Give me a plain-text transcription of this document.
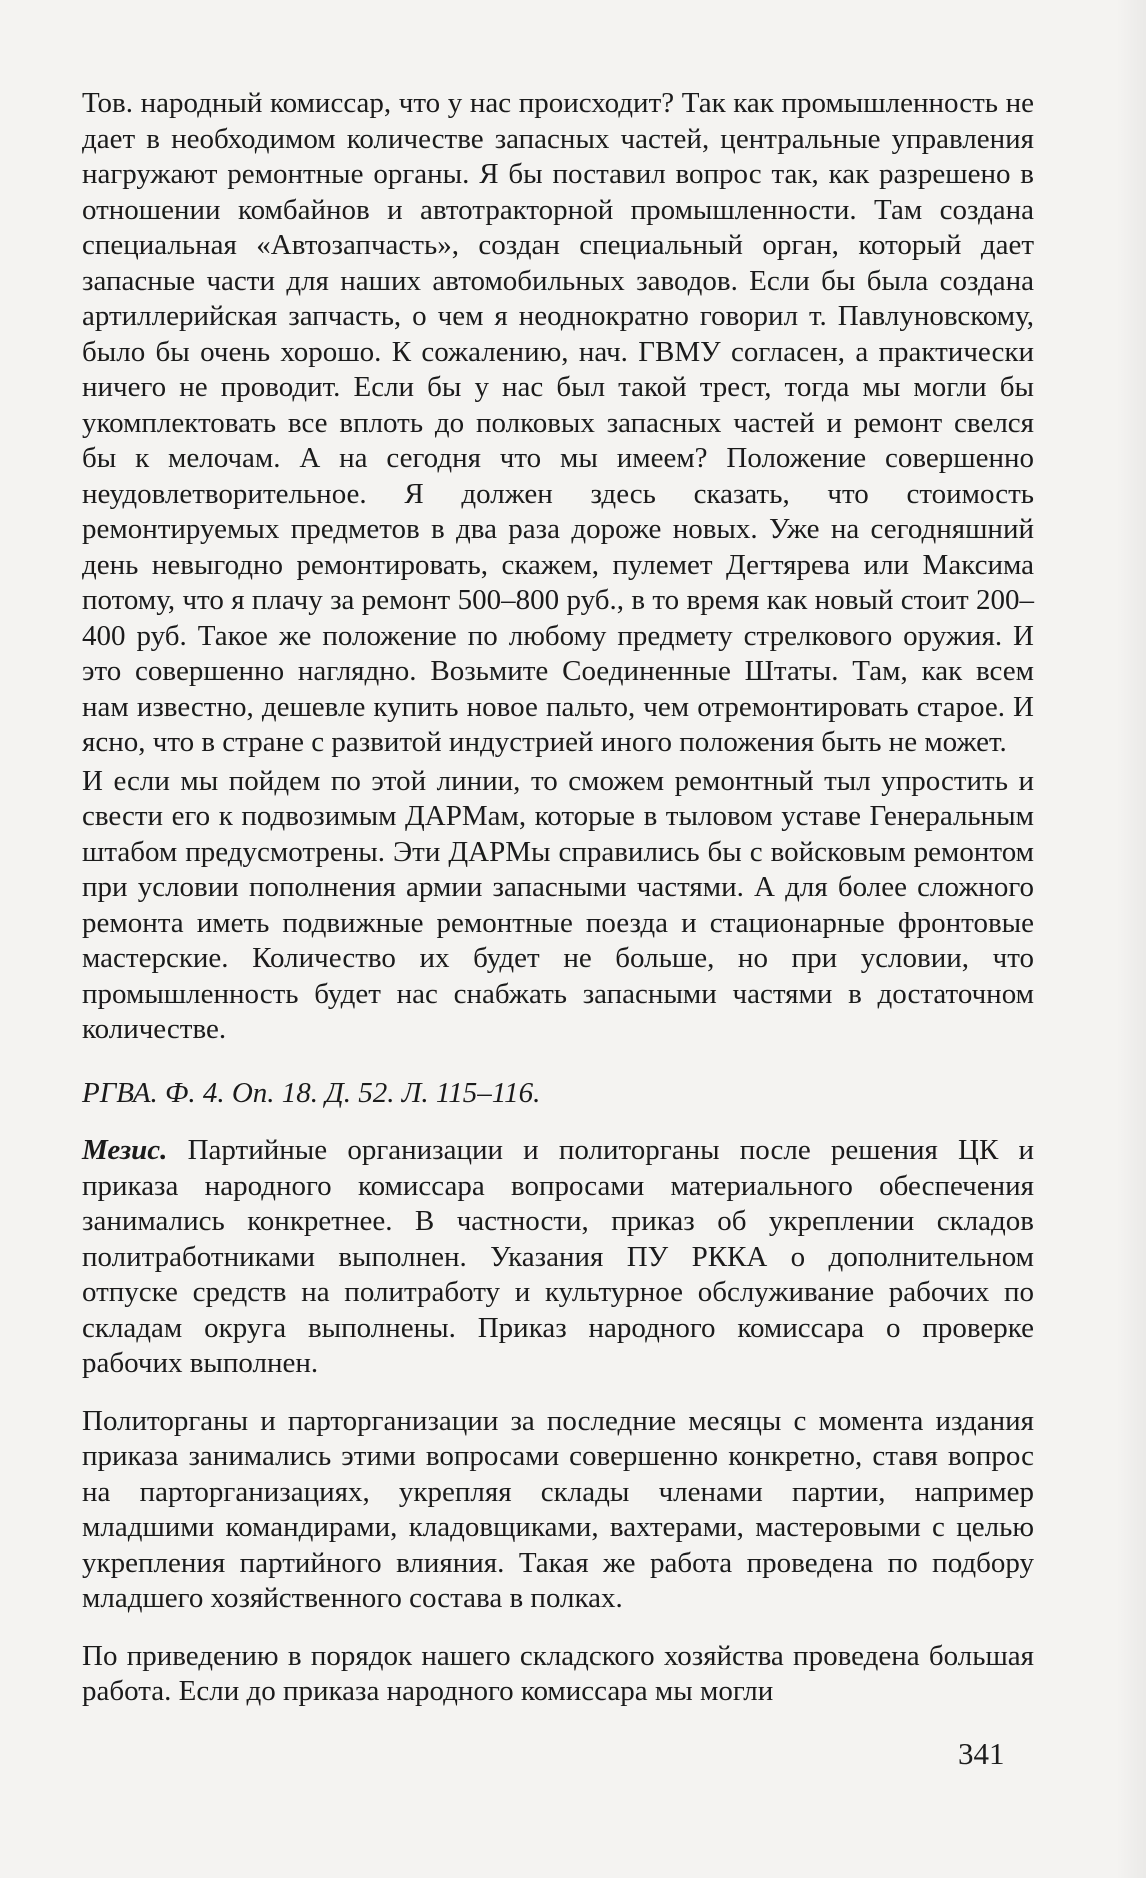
Тов. народный комиссар, что у нас происходит? Так как промышленность не дает в необходимом количестве запасных частей, центральные управления нагружают ремонтные органы. Я бы поставил вопрос так, как разрешено в отношении комбайнов и автотракторной промышленности. Там создана специальная «Автозапчасть», создан специальный орган, который дает запасные части для наших автомобильных заводов. Если бы была создана артиллерийская запчасть, о чем я неоднократно говорил т. Павлуновскому, было бы очень хорошо. К сожалению, нач. ГВМУ согласен, а практически ничего не проводит. Если бы у нас был такой трест, тогда мы могли бы укомплектовать все вплоть до полковых запасных частей и ремонт свелся бы к мелочам. А на сегодня что мы имеем? Положение совершенно неудовлетворительное. Я должен здесь сказать, что стоимость ремонтируемых предметов в два раза дороже новых. Уже на сегодняшний день невыгодно ремонтировать, скажем, пулемет Дегтярева или Максима потому, что я плачу за ремонт 500–800 руб., в то время как новый стоит 200–400 руб. Такое же положение по любому предмету стрелкового оружия. И это совершенно наглядно. Возьмите Соединенные Штаты. Там, как всем нам известно, дешевле купить новое пальто, чем отремонтировать старое. И ясно, что в стране с развитой индустрией иного положения быть не может.

И если мы пойдем по этой линии, то сможем ремонтный тыл упростить и свести его к подвозимым ДАРМам, которые в тыловом уставе Генеральным штабом предусмотрены. Эти ДАРМы справились бы с войсковым ремонтом при условии пополнения армии запасными частями. А для более сложного ремонта иметь подвижные ремонтные поезда и стационарные фронтовые мастерские. Количество их будет не больше, но при условии, что промышленность будет нас снабжать запасными частями в достаточном количестве.

РГВА. Ф. 4. Оп. 18. Д. 52. Л. 115–116.

Мезис. Партийные организации и политорганы после решения ЦК и приказа народного комиссара вопросами материального обеспечения занимались конкретнее. В частности, приказ об укреплении складов политработниками выполнен. Указания ПУ РККА о дополнительном отпуске средств на политработу и культурное обслуживание рабочих по складам округа выполнены. Приказ народного комиссара о проверке рабочих выполнен.

Политорганы и парторганизации за последние месяцы с момента издания приказа занимались этими вопросами совершенно конкретно, ставя вопрос на парторганизациях, укрепляя склады членами партии, например младшими командирами, кладовщиками, вахтерами, мастеровыми с целью укрепления партийного влияния. Такая же работа проведена по подбору младшего хозяйственного состава в полках.

По приведению в порядок нашего складского хозяйства проведена большая работа. Если до приказа народного комиссара мы могли

341
